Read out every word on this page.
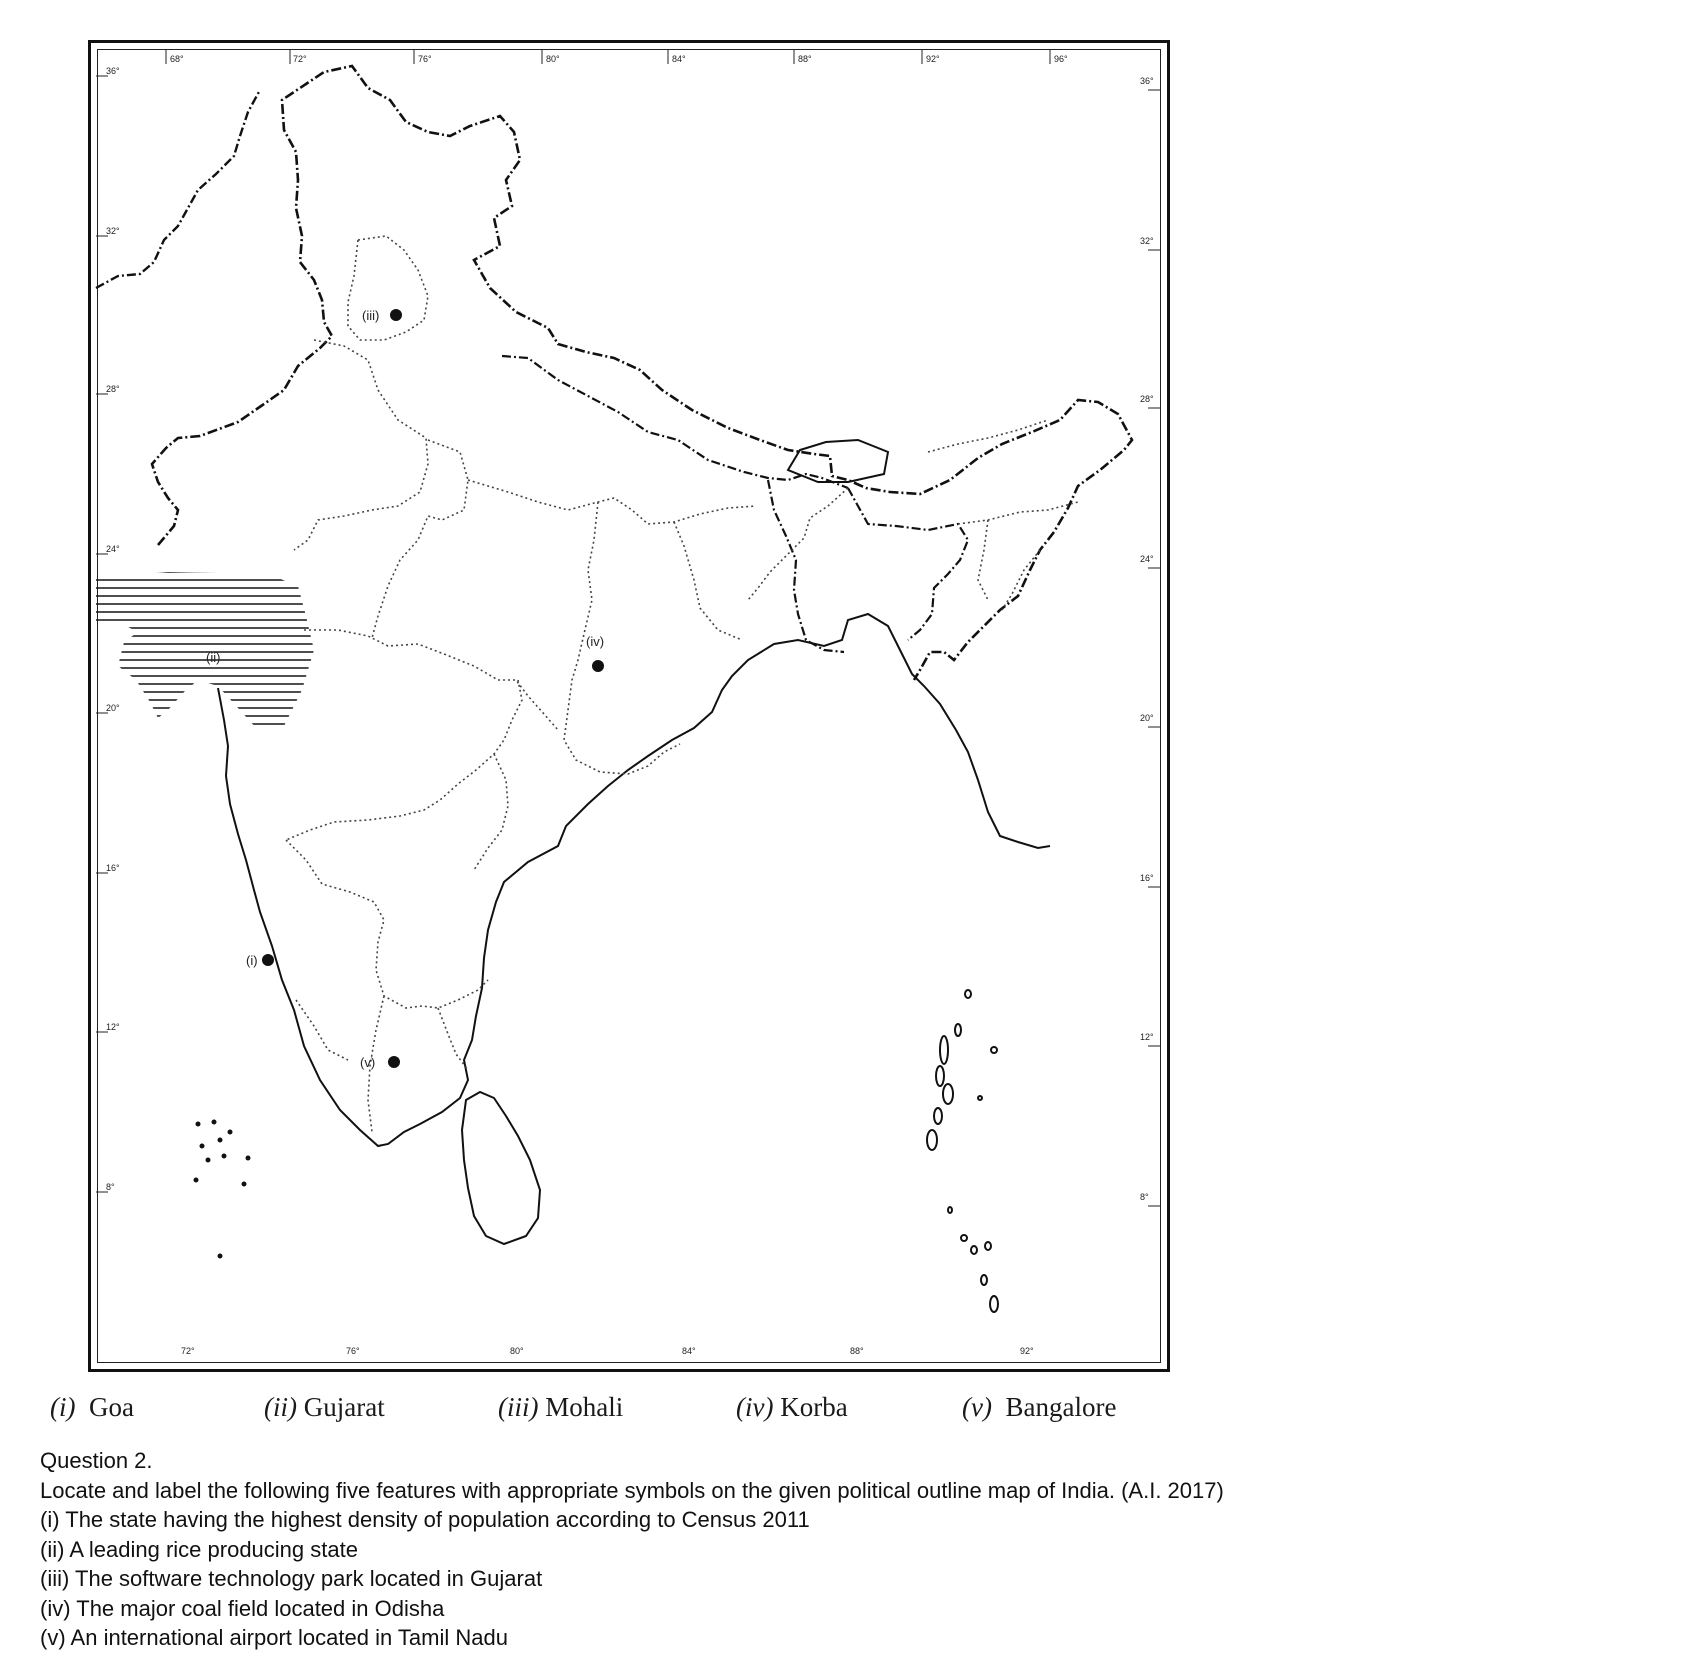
36°
32°
28°
24°
20°
16°
12°
8°
36°
32°
28°
24°
20°
16°
12°
8°
68°	72°	76°	80°	84°	88°	92°	96°
72°	76°	80°	84°	88°	92°
(i)
(ii)
(iii)
(iv)
(v)
(i) Goa	(ii) Gujarat	(iii) Mohali	(iv) Korba	(v) Bangalore
Question 2.
Locate and label the following five features with appropriate symbols on the given political outline map of India. (A.I. 2017)
(i) The state having the highest density of population according to Census 2011
(ii) A leading rice producing state
(iii) The software technology park located in Gujarat
(iv) The major coal field located in Odisha
(v) An international airport located in Tamil Nadu
